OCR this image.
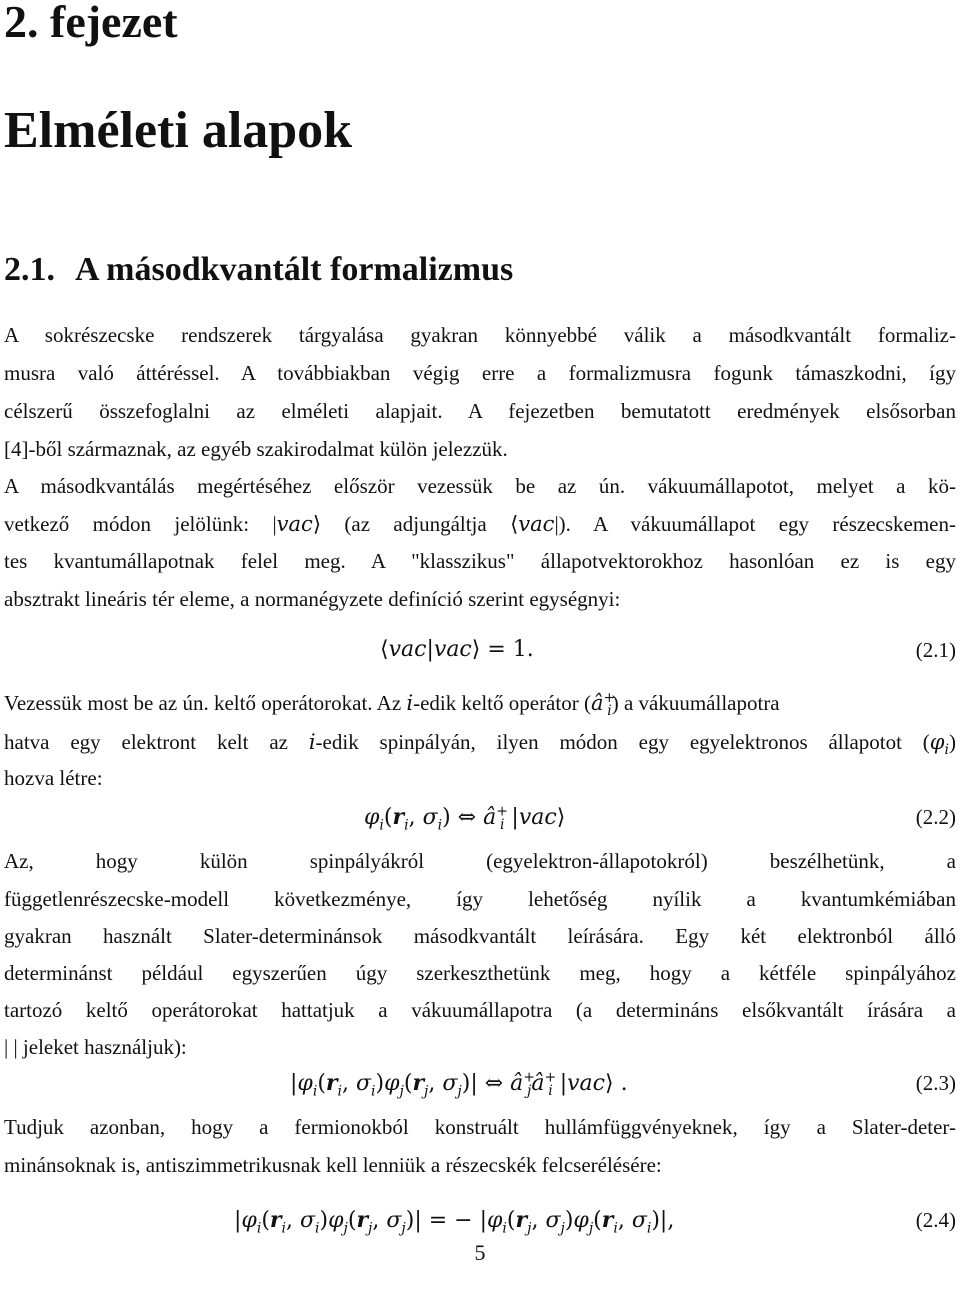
2. fejezet
Elméleti alapok
2.1. A másodkvantált formalizmus
A sokrészecske rendszerek tárgyalása gyakran könnyebbé válik a másodkvantált formaliz-
musra való áttéréssel. A továbbiakban végig erre a formalizmusra fogunk támaszkodni, így
célszerű összefoglalni az elméleti alapjait. A fejezetben bemutatott eredmények elsősorban
[4]-ből származnak, az egyéb szakirodalmat külön jelezzük.
A másodkvantálás megértéséhez először vezessük be az ún. vákuumállapotot, melyet a kö-
vetkező módon jelölünk: |vac⟩ (az adjungáltja ⟨vac|). A vákuumállapot egy részecskemen-
tes kvantumállapotnak felel meg. A "klasszikus" állapotvektorokhoz hasonlóan ez is egy
absztrakt lineáris tér eleme, a normanégyzete definíció szerint egységnyi:
⟨vac|vac⟩ = 1.	(2.1)
Vezessük most be az ún. keltő operátorokat. Az i-edik keltő operátor $(â^+_i)$ a vákuumállapotra
hatva egy elektront kelt az i-edik spinpályán, ilyen módon egy egyelektronos állapotot $(\varphi_i)$
hozva létre:
$\varphi_i(r_i$, $\sigma_i$) ⇔ $â^+_i$ |vac⟩	(2.2)
Az, hogy külön spinpályákról (egyelektron-állapotokról) beszélhetünk, a
függetlenrészecske-modell következménye, így lehetőség nyílik a kvantumkémiában
gyakran használt Slater-determinánsok másodkvantált leírására. Egy két elektronból álló
determinánst például egyszerűen úgy szerkeszthetünk meg, hogy a kétféle spinpályához
tartozó keltő operátorokat hattatjuk a vákuumállapotra (a determináns elsőkvantált írására a
| | jeleket használjuk):
$|\varphi_i(r_i$, $\sigma_i)\varphi_j(r_j$, $\sigma_j)|$ ⇔ $â^+_jâ^+_i$ |vac⟩ .	(2.3)
Tudjuk azonban, hogy a fermionokból konstruált hullámfüggvényeknek, így a Slater-deter-
minánsoknak is, antiszimmetrikusnak kell lenniük a részecskék felcserélésére:
$|\varphi_i(r_i$, $\sigma_i)\varphi_j(r_j$, $\sigma_j)|$ = − $|\varphi_i(r_j$, $\sigma_j)\varphi_j(r_i$, $\sigma_i)|$,	(2.4)
5
